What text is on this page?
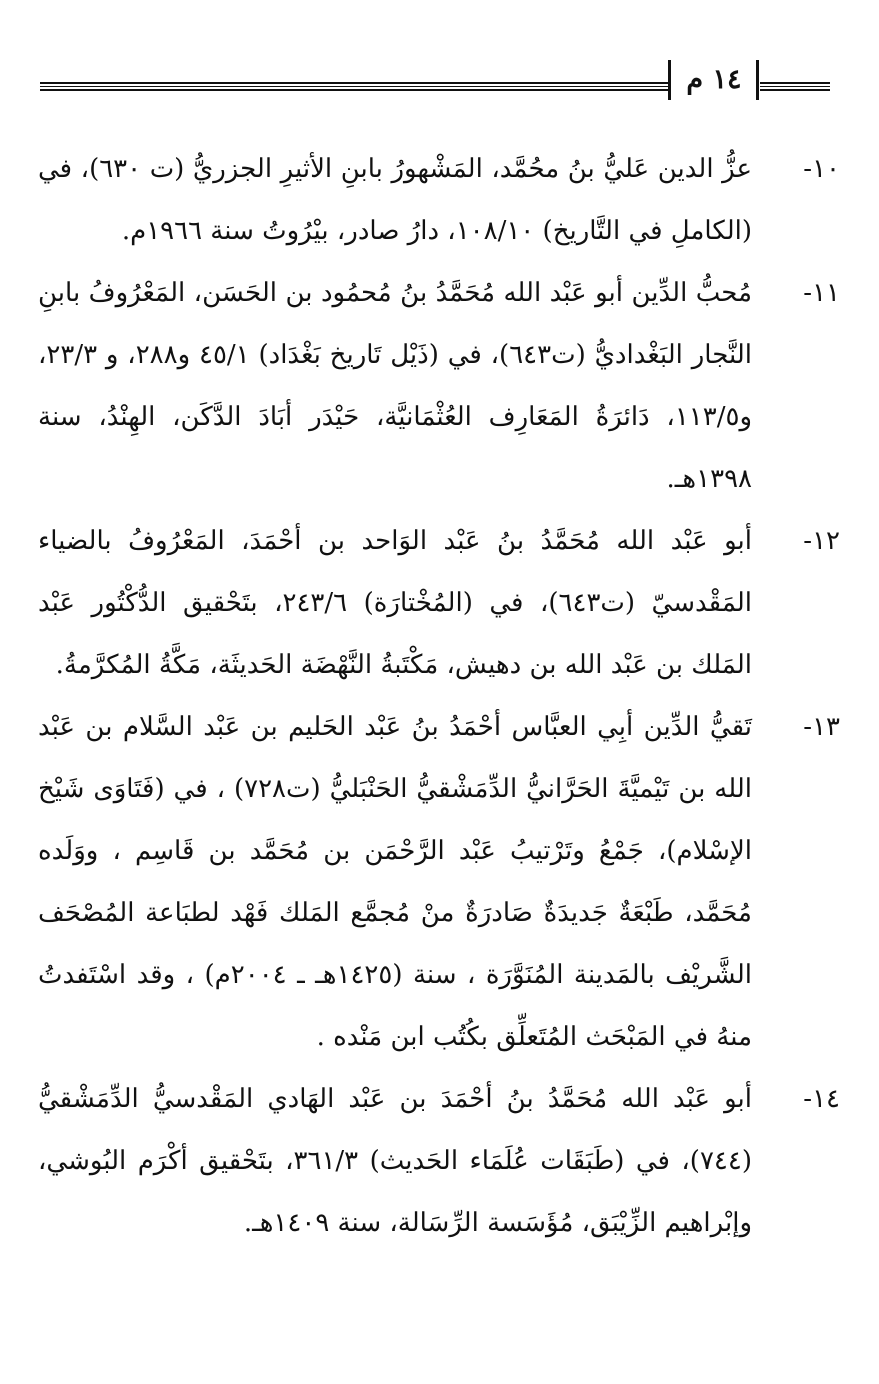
١٤ م
١٠-
عزُّ الدين عَليُّ بنُ محُمَّد، المَشْهورُ بابنِ الأثيرِ الجزريُّ (ت ٦٣٠)، في (الكاملِ في التَّاريخ) ١٠٨/١٠، دارُ صادر، بيْرُوتُ سنة ١٩٦٦م.
١١-
مُحبُّ الدِّين أبو عَبْد الله مُحَمَّدُ بنُ مُحمُود بن الحَسَن، المَعْرُوفُ بابنِ النَّجار البَغْداديُّ (ت٦٤٣)، في (ذَيْل تَاريخ بَغْدَاد) ٤٥/١ و٢٨٨، و ٢٣/٣، و١١٣/٥، دَائرَةُ المَعَارِف العُثْمَانيَّة، حَيْدَر أبَادَ الدَّكَن، الهِنْدُ، سنة ١٣٩٨هـ.
١٢-
أبو عَبْد الله مُحَمَّدُ بنُ عَبْد الوَاحد بن أحْمَدَ، المَعْرُوفُ بالضياء المَقْدسيّ (ت٦٤٣)، في (المُخْتارَة) ٢٤٣/٦، بتَحْقيق الدُّكْتُور عَبْد المَلك بن عَبْد الله بن دهيش، مَكْتَبةُ النَّهْضَة الحَديثَة، مَكَّةُ المُكرَّمةُ.
١٣-
تَقيُّ الدِّين أبِي العبَّاس أحْمَدُ بنُ عَبْد الحَليم بن عَبْد السَّلام بن عَبْد الله بن تَيْميَّةَ الحَرَّانيُّ الدِّمَشْقيُّ الحَنْبَليُّ (ت٧٢٨) ، في (فَتَاوَى شَيْخ الإسْلام)، جَمْعُ وتَرْتيبُ عَبْد الرَّحْمَن بن مُحَمَّد بن قَاسِم ، ووَلَده مُحَمَّد، طَبْعَةٌ جَديدَةٌ صَادرَةٌ منْ مُجمَّع المَلك فَهْد لطبَاعة المُصْحَف الشَّريْف بالمَدينة المُنَوَّرَة ، سنة (١٤٢٥هـ ـ ٢٠٠٤م) ، وقد اسْتَفدتُ منهُ في المَبْحَث المُتَعلِّق بكُتُب ابن مَنْده .
١٤-
أبو عَبْد الله مُحَمَّدُ بنُ أحْمَدَ بن عَبْد الهَادي المَقْدسيُّ الدِّمَشْقيُّ (٧٤٤)، في (طَبَقَات عُلَمَاء الحَديث) ٣٦١/٣، بتَحْقيق أكْرَم البُوشي، وإبْراهيم الزِّيْبَق، مُؤَسَسة الرِّسَالة، سنة ١٤٠٩هـ.
